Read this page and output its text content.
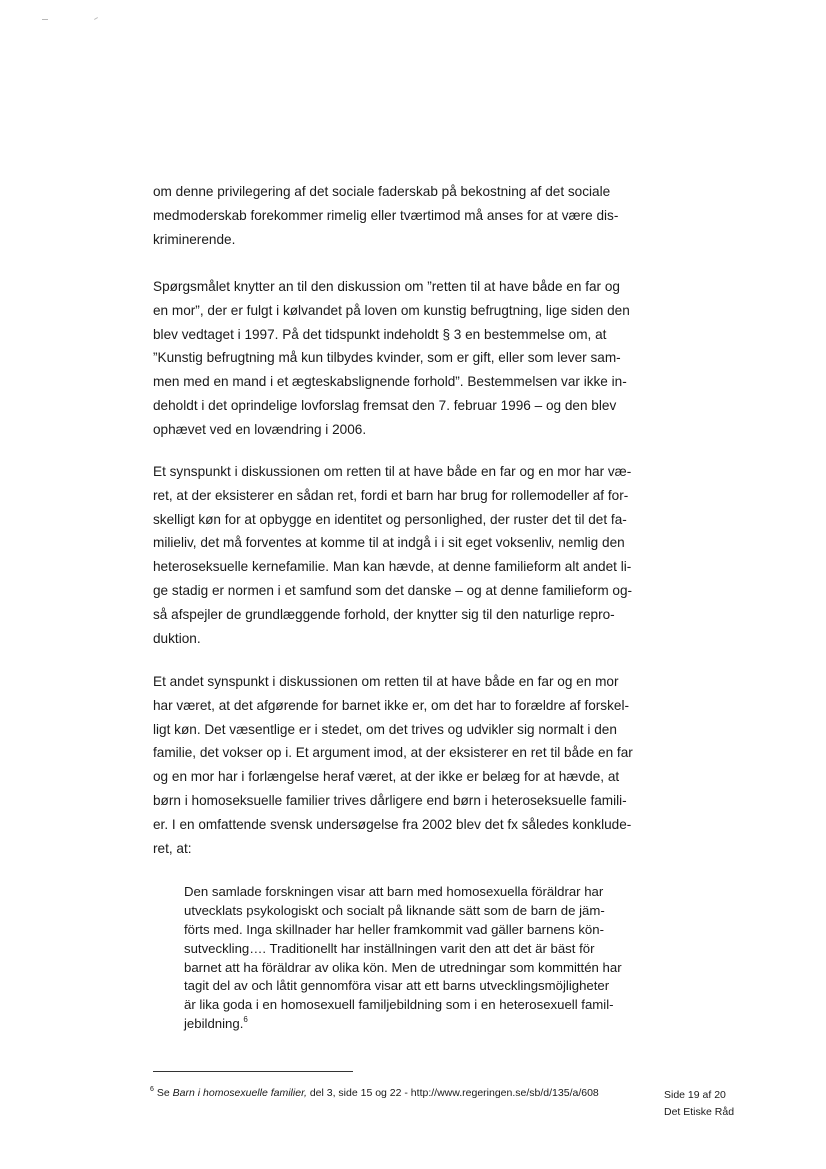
om denne privilegering af det sociale faderskab på bekostning af det sociale
medmoderskab forekommer rimelig eller tværtimod må anses for at være dis-
kriminerende.
Spørgsmålet knytter an til den diskussion om ”retten til at have både en far og
en mor”, der er fulgt i kølvandet på loven om kunstig befrugtning, lige siden den
blev vedtaget i 1997. På det tidspunkt indeholdt § 3 en bestemmelse om, at
”Kunstig befrugtning må kun tilbydes kvinder, som er gift, eller som lever sam-
men med en mand i et ægteskabslignende forhold”. Bestemmelsen var ikke in-
deholdt i det oprindelige lovforslag fremsat den 7. februar 1996 – og den blev
ophævet ved en lovændring i 2006.
Et synspunkt i diskussionen om retten til at have både en far og en mor har væ-
ret, at der eksisterer en sådan ret, fordi et barn har brug for rollemodeller af for-
skelligt køn for at opbygge en identitet og personlighed, der ruster det til det fa-
milieliv, det må forventes at komme til at indgå i i sit eget voksenliv, nemlig den
heteroseksuelle kernefamilie. Man kan hævde, at denne familieform alt andet li-
ge stadig er normen i et samfund som det danske – og at denne familieform og-
så afspejler de grundlæggende forhold, der knytter sig til den naturlige repro-
duktion.
Et andet synspunkt i diskussionen om retten til at have både en far og en mor
har været, at det afgørende for barnet ikke er, om det har to forældre af forskel-
ligt køn. Det væsentlige er i stedet, om det trives og udvikler sig normalt i den
familie, det vokser op i. Et argument imod, at der eksisterer en ret til både en far
og en mor har i forlængelse heraf været, at der ikke er belæg for at hævde, at
børn i homoseksuelle familier trives dårligere end børn i heteroseksuelle famili-
er. I en omfattende svensk undersøgelse fra 2002 blev det fx således konklude-
ret, at:
Den samlade forskningen visar att barn med homosexuella föräldrar har
utvecklats psykologiskt och socialt på liknande sätt som de barn de jäm-
förts med. Inga skillnader har heller framkommit vad gäller barnens kön-
sutveckling…. Traditionellt har inställningen varit den att det är bäst för
barnet att ha föräldrar av olika kön. Men de utredningar som kommittén har
tagit del av och låtit gennomföra visar att ett barns utvecklingsmöjligheter
är lika goda i en homosexuell familjebildning som i en heterosexuell famil-
jebildning.$^6$
$^6$ Se Barn i homosexuelle familier, del 3, side 15 og 22 - http://www.regeringen.se/sb/d/135/a/608	Side 19 af 20
Det Etiske Råd
